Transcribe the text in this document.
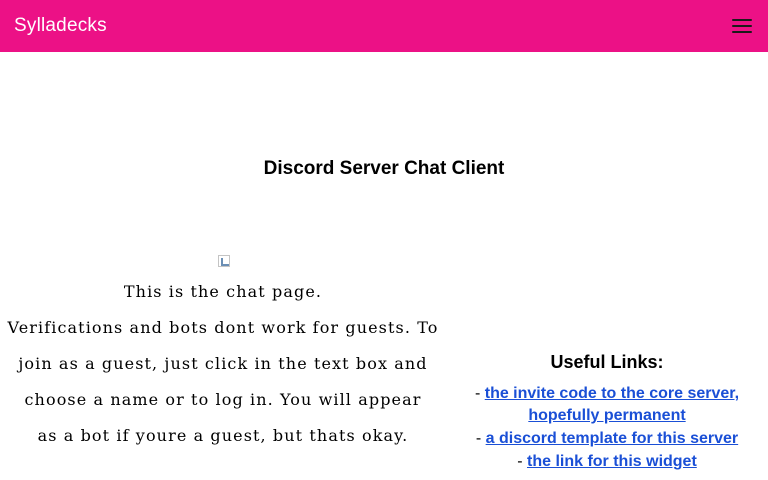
Sylladecks
Discord Server Chat Client

This is the chat page.

Verifications and bots dont work for guests. To

join as a guest, just click in the text box and

choose a name or to log in. You will appear

as a bot if youre a guest, but thats okay.

Useful Links:
- the invite code to the core server, hopefully permanent
- a discord template for this server
- the link for this widget
